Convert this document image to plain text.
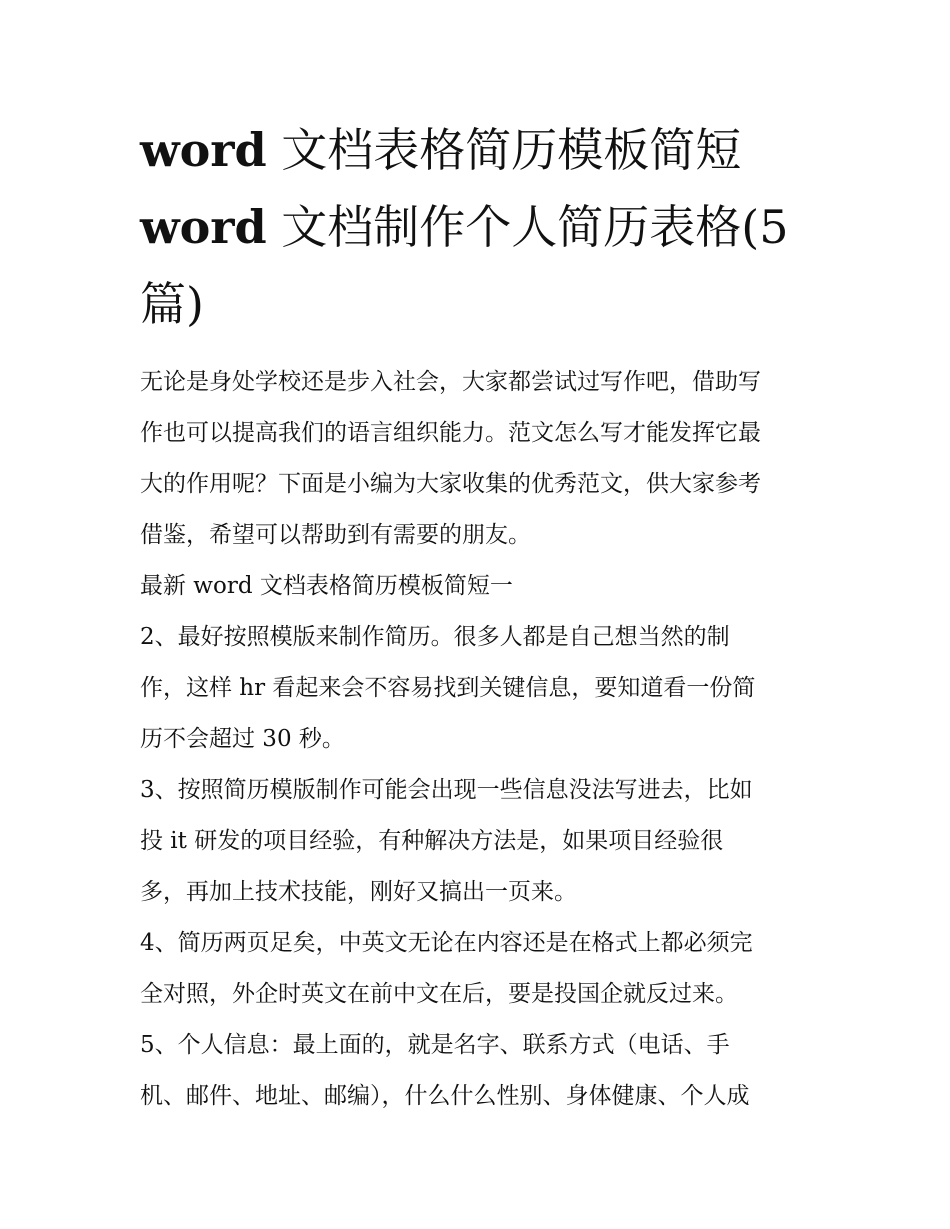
word 文档表格简历模板简短
word 文档制作个人简历表格(5
篇)

无论是身处学校还是步入社会，大家都尝试过写作吧，借助写
作也可以提高我们的语言组织能力。范文怎么写才能发挥它最
大的作用呢？下面是小编为大家收集的优秀范文，供大家参考
借鉴，希望可以帮助到有需要的朋友。

最新 word 文档表格简历模板简短一

2、最好按照模版来制作简历。很多人都是自己想当然的制
作，这样 hr 看起来会不容易找到关键信息，要知道看一份简
历不会超过 30 秒。

3、按照简历模版制作可能会出现一些信息没法写进去，比如
投 it 研发的项目经验，有种解决方法是，如果项目经验很
多，再加上技术技能，刚好又搞出一页来。

4、简历两页足矣，中英文无论在内容还是在格式上都必须完
全对照，外企时英文在前中文在后，要是投国企就反过来。

5、个人信息：最上面的，就是名字、联系方式（电话、手
机、邮件、地址、邮编），什么什么性别、身体健康、个人成
